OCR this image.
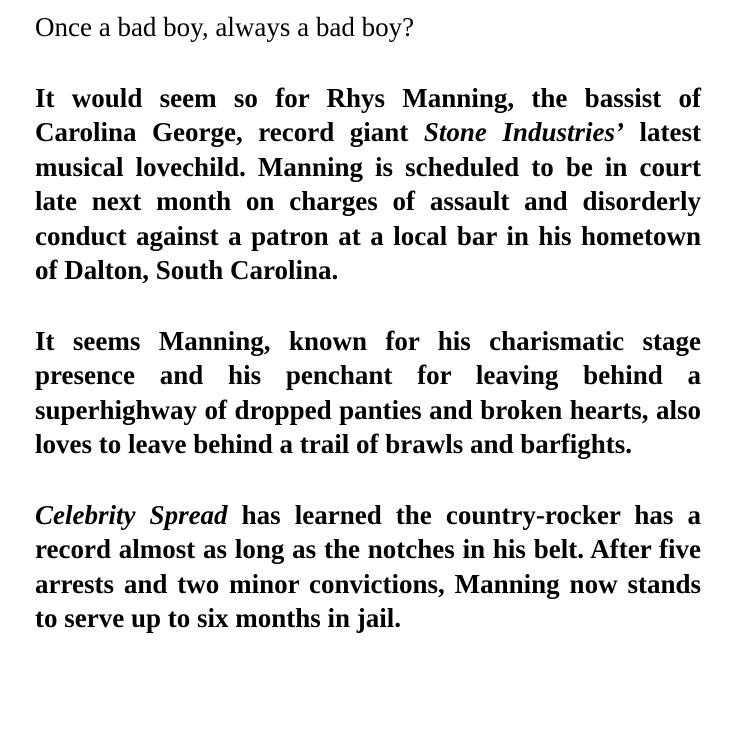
Once a bad boy, always a bad boy?

It would seem so for Rhys Manning, the bassist of Carolina George, record giant Stone Industries’ latest musical lovechild. Manning is scheduled to be in court late next month on charges of assault and disorderly conduct against a patron at a local bar in his hometown of Dalton, South Carolina.

It seems Manning, known for his charismatic stage presence and his penchant for leaving behind a superhighway of dropped panties and broken hearts, also loves to leave behind a trail of brawls and barfights.

Celebrity Spread has learned the country-rocker has a record almost as long as the notches in his belt. After five arrests and two minor convictions, Manning now stands to serve up to six months in jail.
